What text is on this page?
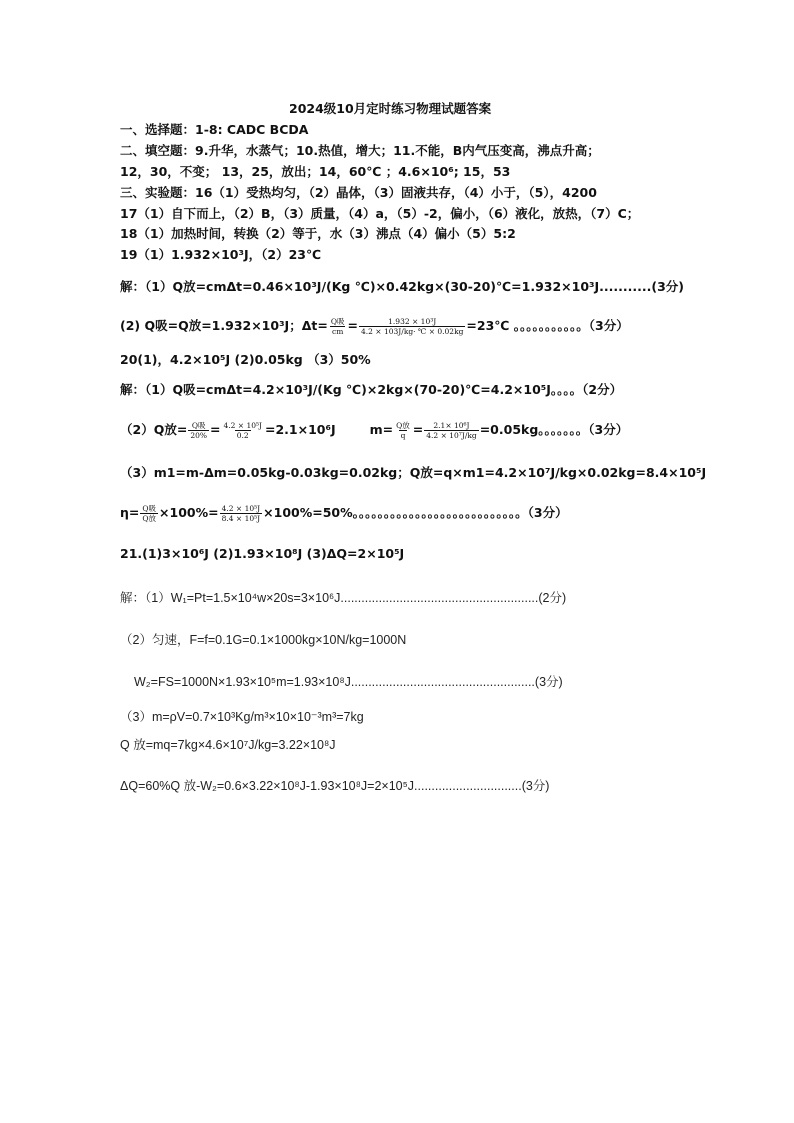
2024级10月定时练习物理试题答案
一、选择题：1-8: CADC BCDA
二、填空题：9.升华，水蒸气；10.热值，增大；11.不能，B内气压变高，沸点升高；
12，30，不变； 13，25，放出；14，60℃ ；4.6×10⁶; 15，53
三、实验题：16（1）受热均匀，（2）晶体，（3）固液共存，（4）小于，（5），4200
17（1）自下而上，（2）B，（3）质量，（4）a，（5）-2，偏小，（6）液化，放热，（7）C；
18（1）加热时间，转换（2）等于，水（3）沸点（4）偏小（5）5:2
19（1）1.932×10³J，（2）23℃
解：（1）Q放=cmΔt=0.46×10³J/(Kg ℃)×0.42kg×(30-20)℃=1.932×10³J...........(3分)
(2) Q吸=Q放=1.932×10³J；$\Delta t= \frac{\text{Q吸}}{cm} = \frac{\text{1.932 × 10³J}}{4.2 \times 103J/kg\cdot ℃ \times 0.02kg}$ =23℃ 。。。。。。。。。。。（3分）
20(1)，4.2×10⁵J (2)0.05kg （3）50%
解：（1）Q吸=cmΔt=4.2×10³J/(Kg ℃)×2kg×(70-20)℃=4.2×10⁵J。。。。（2分）
（2）Q放= $\frac{\text{Q吸}}{20\%} = \frac{\text{4.2 × 10⁵J}}{0.2} =2.1\times 10^6J$	$m= \frac{\text{Q放}}{q} = \frac{\text{2.1× 10⁶J}}{\text{4.2 × 10⁷J/kg}} =0.05kg$。。。。。。。（3分）
（3）m1=m-Δm=0.05kg-0.03kg=0.02kg；Q放=q×m1=4.2×10⁷J/kg×0.02kg=8.4×10⁵J
$\eta= \frac{\text{Q吸}}{\text{Q放}} \times 100\%= \frac{\text{4.2 × 10⁵J}}{\text{8.4 × 10⁵J}} \times 100\%=50\%$。。。。。。。。。。。。。。。。。。。。。。。。。。。（3分）
21.(1)3×10⁶J (2)1.93×10⁸J (3)ΔQ=2×10⁵J
解：（1）W₁=Pt=1.5×10⁴w×20s=3×10⁶J.........................................................(2分)
（2）匀速，F=f=0.1G=0.1×1000kg×10N/kg=1000N
W₂=FS=1000N×1.93×10⁵m=1.93×10⁸J.....................................................(3分)
（3）m=ρV=0.7×10³Kg/m³×10×10⁻³m³=7kg
Q 放=mq=7kg×4.6×10⁷J/kg=3.22×10⁸J
ΔQ=60%Q 放-W₂=0.6×3.22×10⁸J-1.93×10⁸J=2×10⁵J...............................(3分)
